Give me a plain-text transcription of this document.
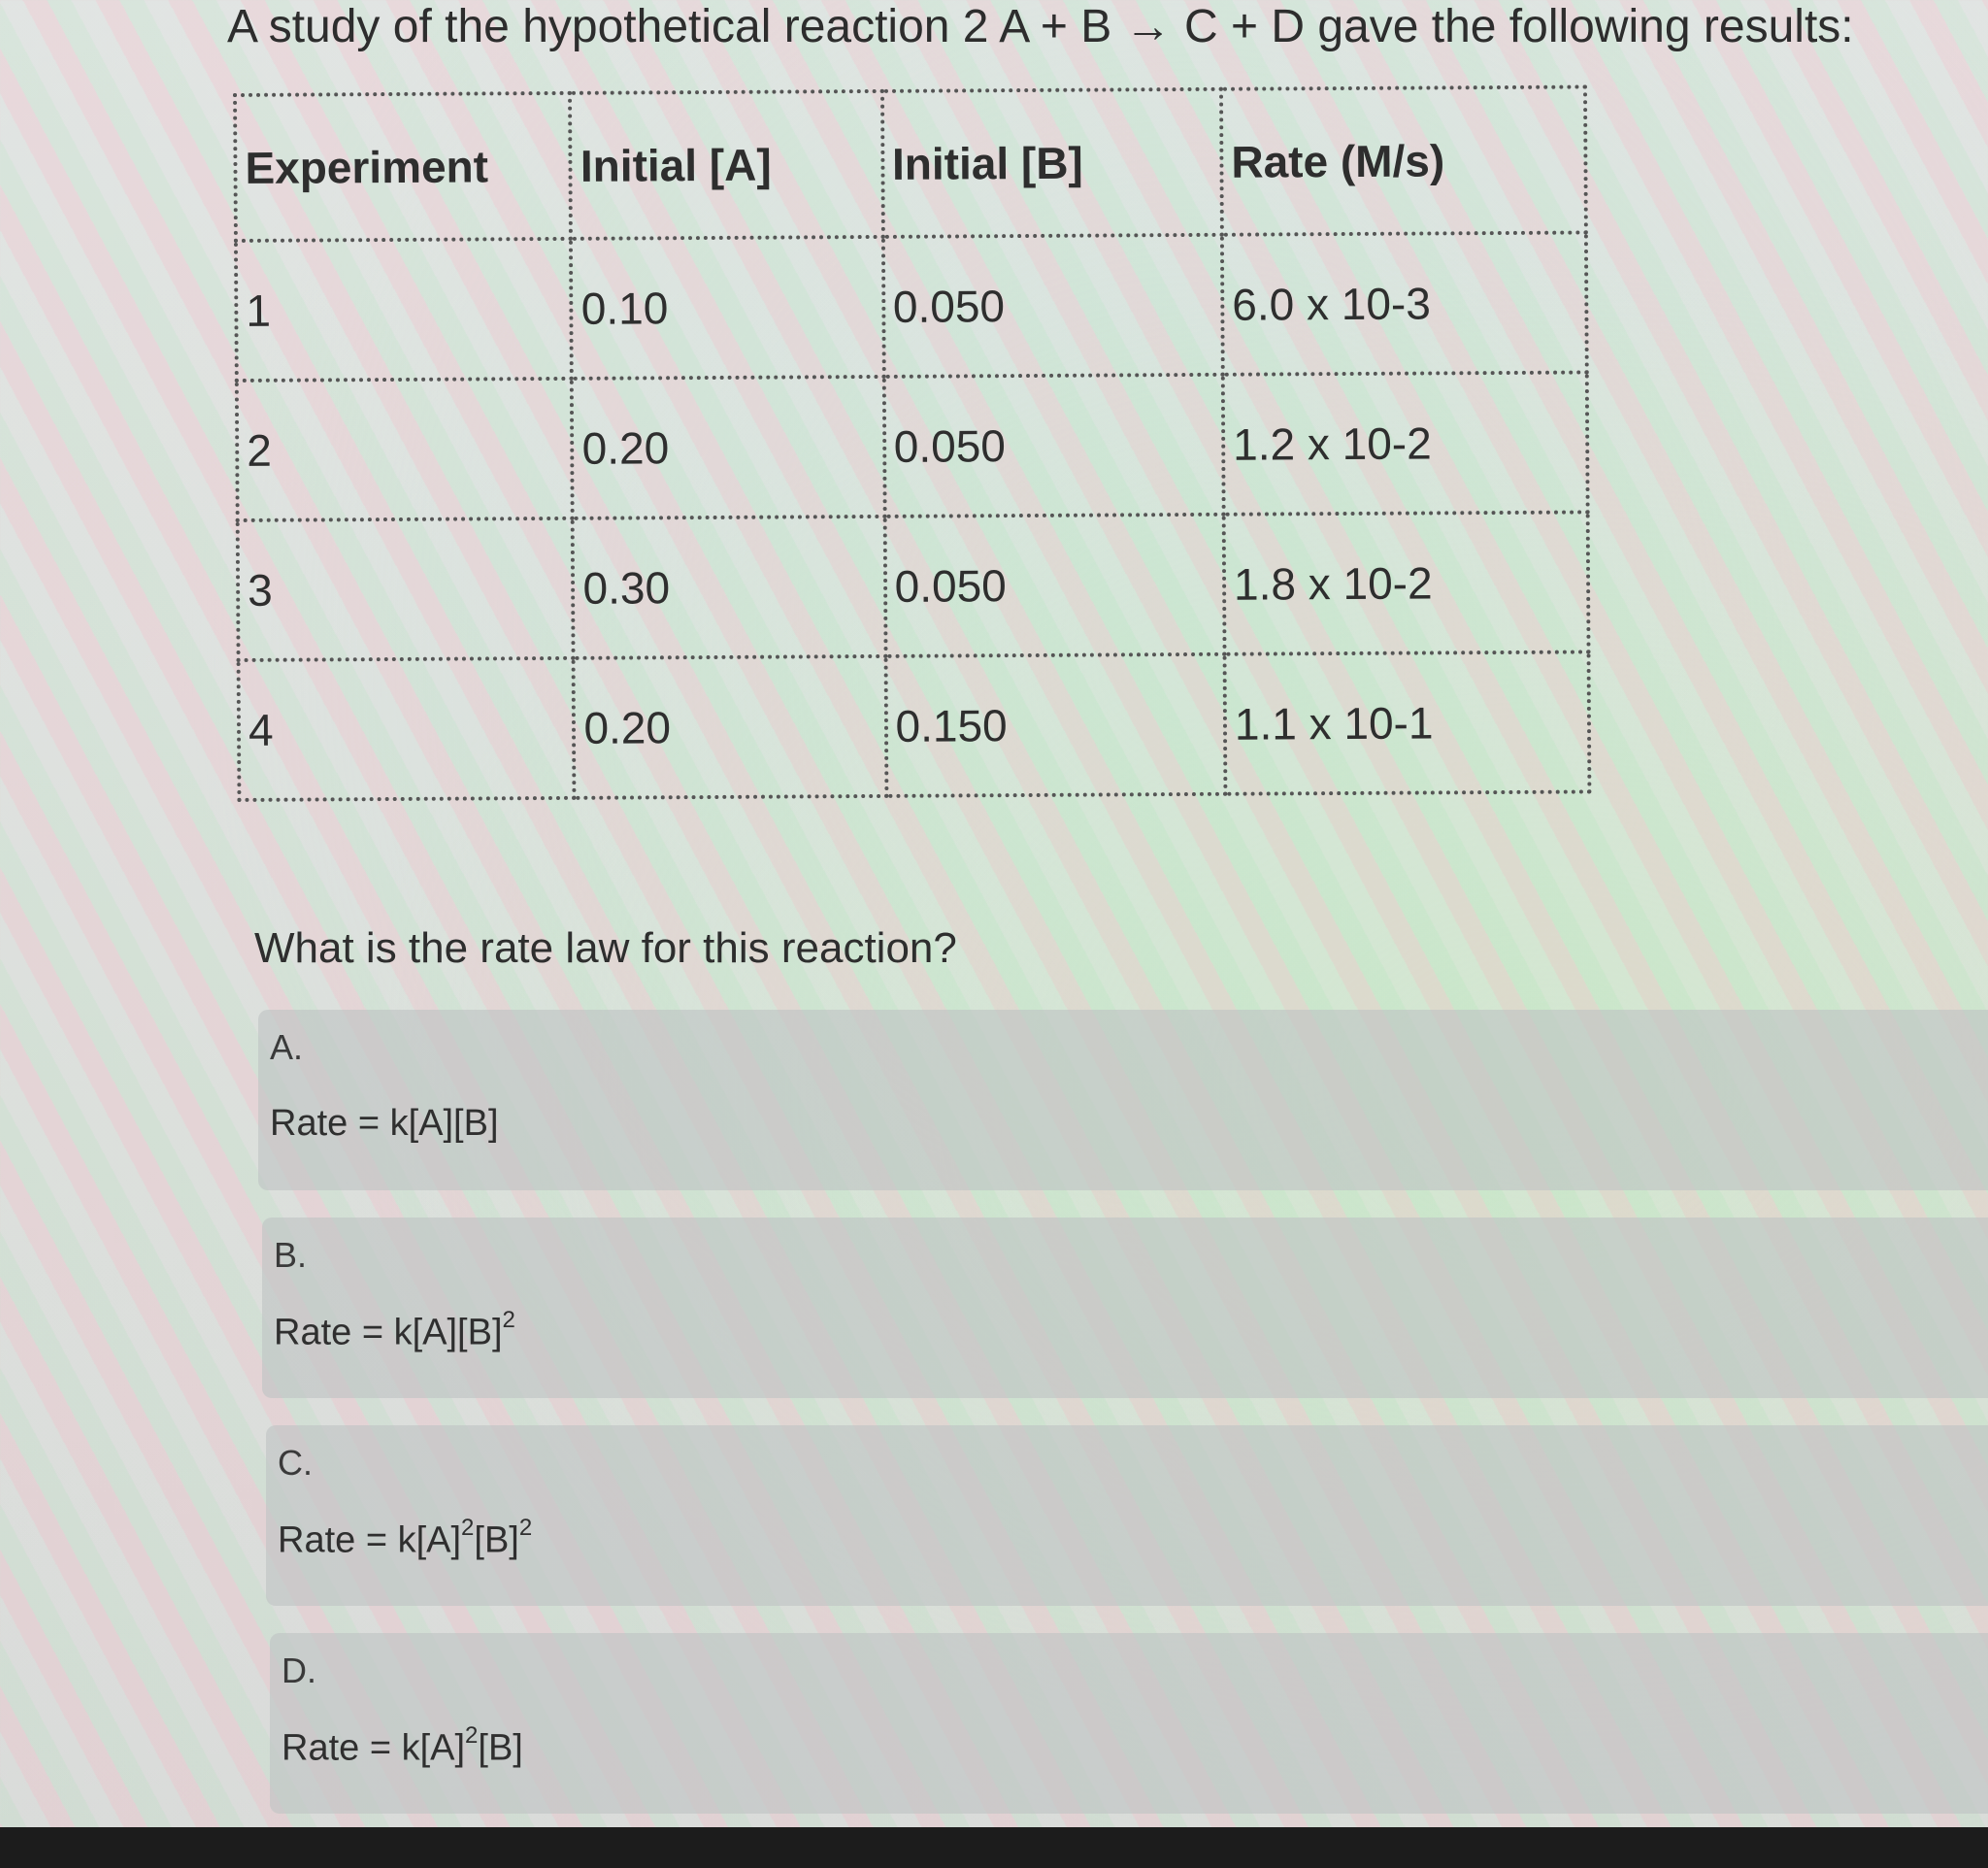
A study of the hypothetical reaction 2 A + B → C + D gave the following results:
Experiment	Initial [A]	Initial [B]	Rate (M/s)
1	0.10	0.050	6.0 x 10-3
2	0.20	0.050	1.2 x 10-2
3	0.30	0.050	1.8 x 10-2
4	0.20	0.150	1.1 x 10-1
What is the rate law for this reaction?
A.
Rate = k[A][B]
B.
Rate = $k[A][B]^2$
C.
Rate = $k[A]^2[B]^2$
D.
Rate = $k[A]^2[B]$
